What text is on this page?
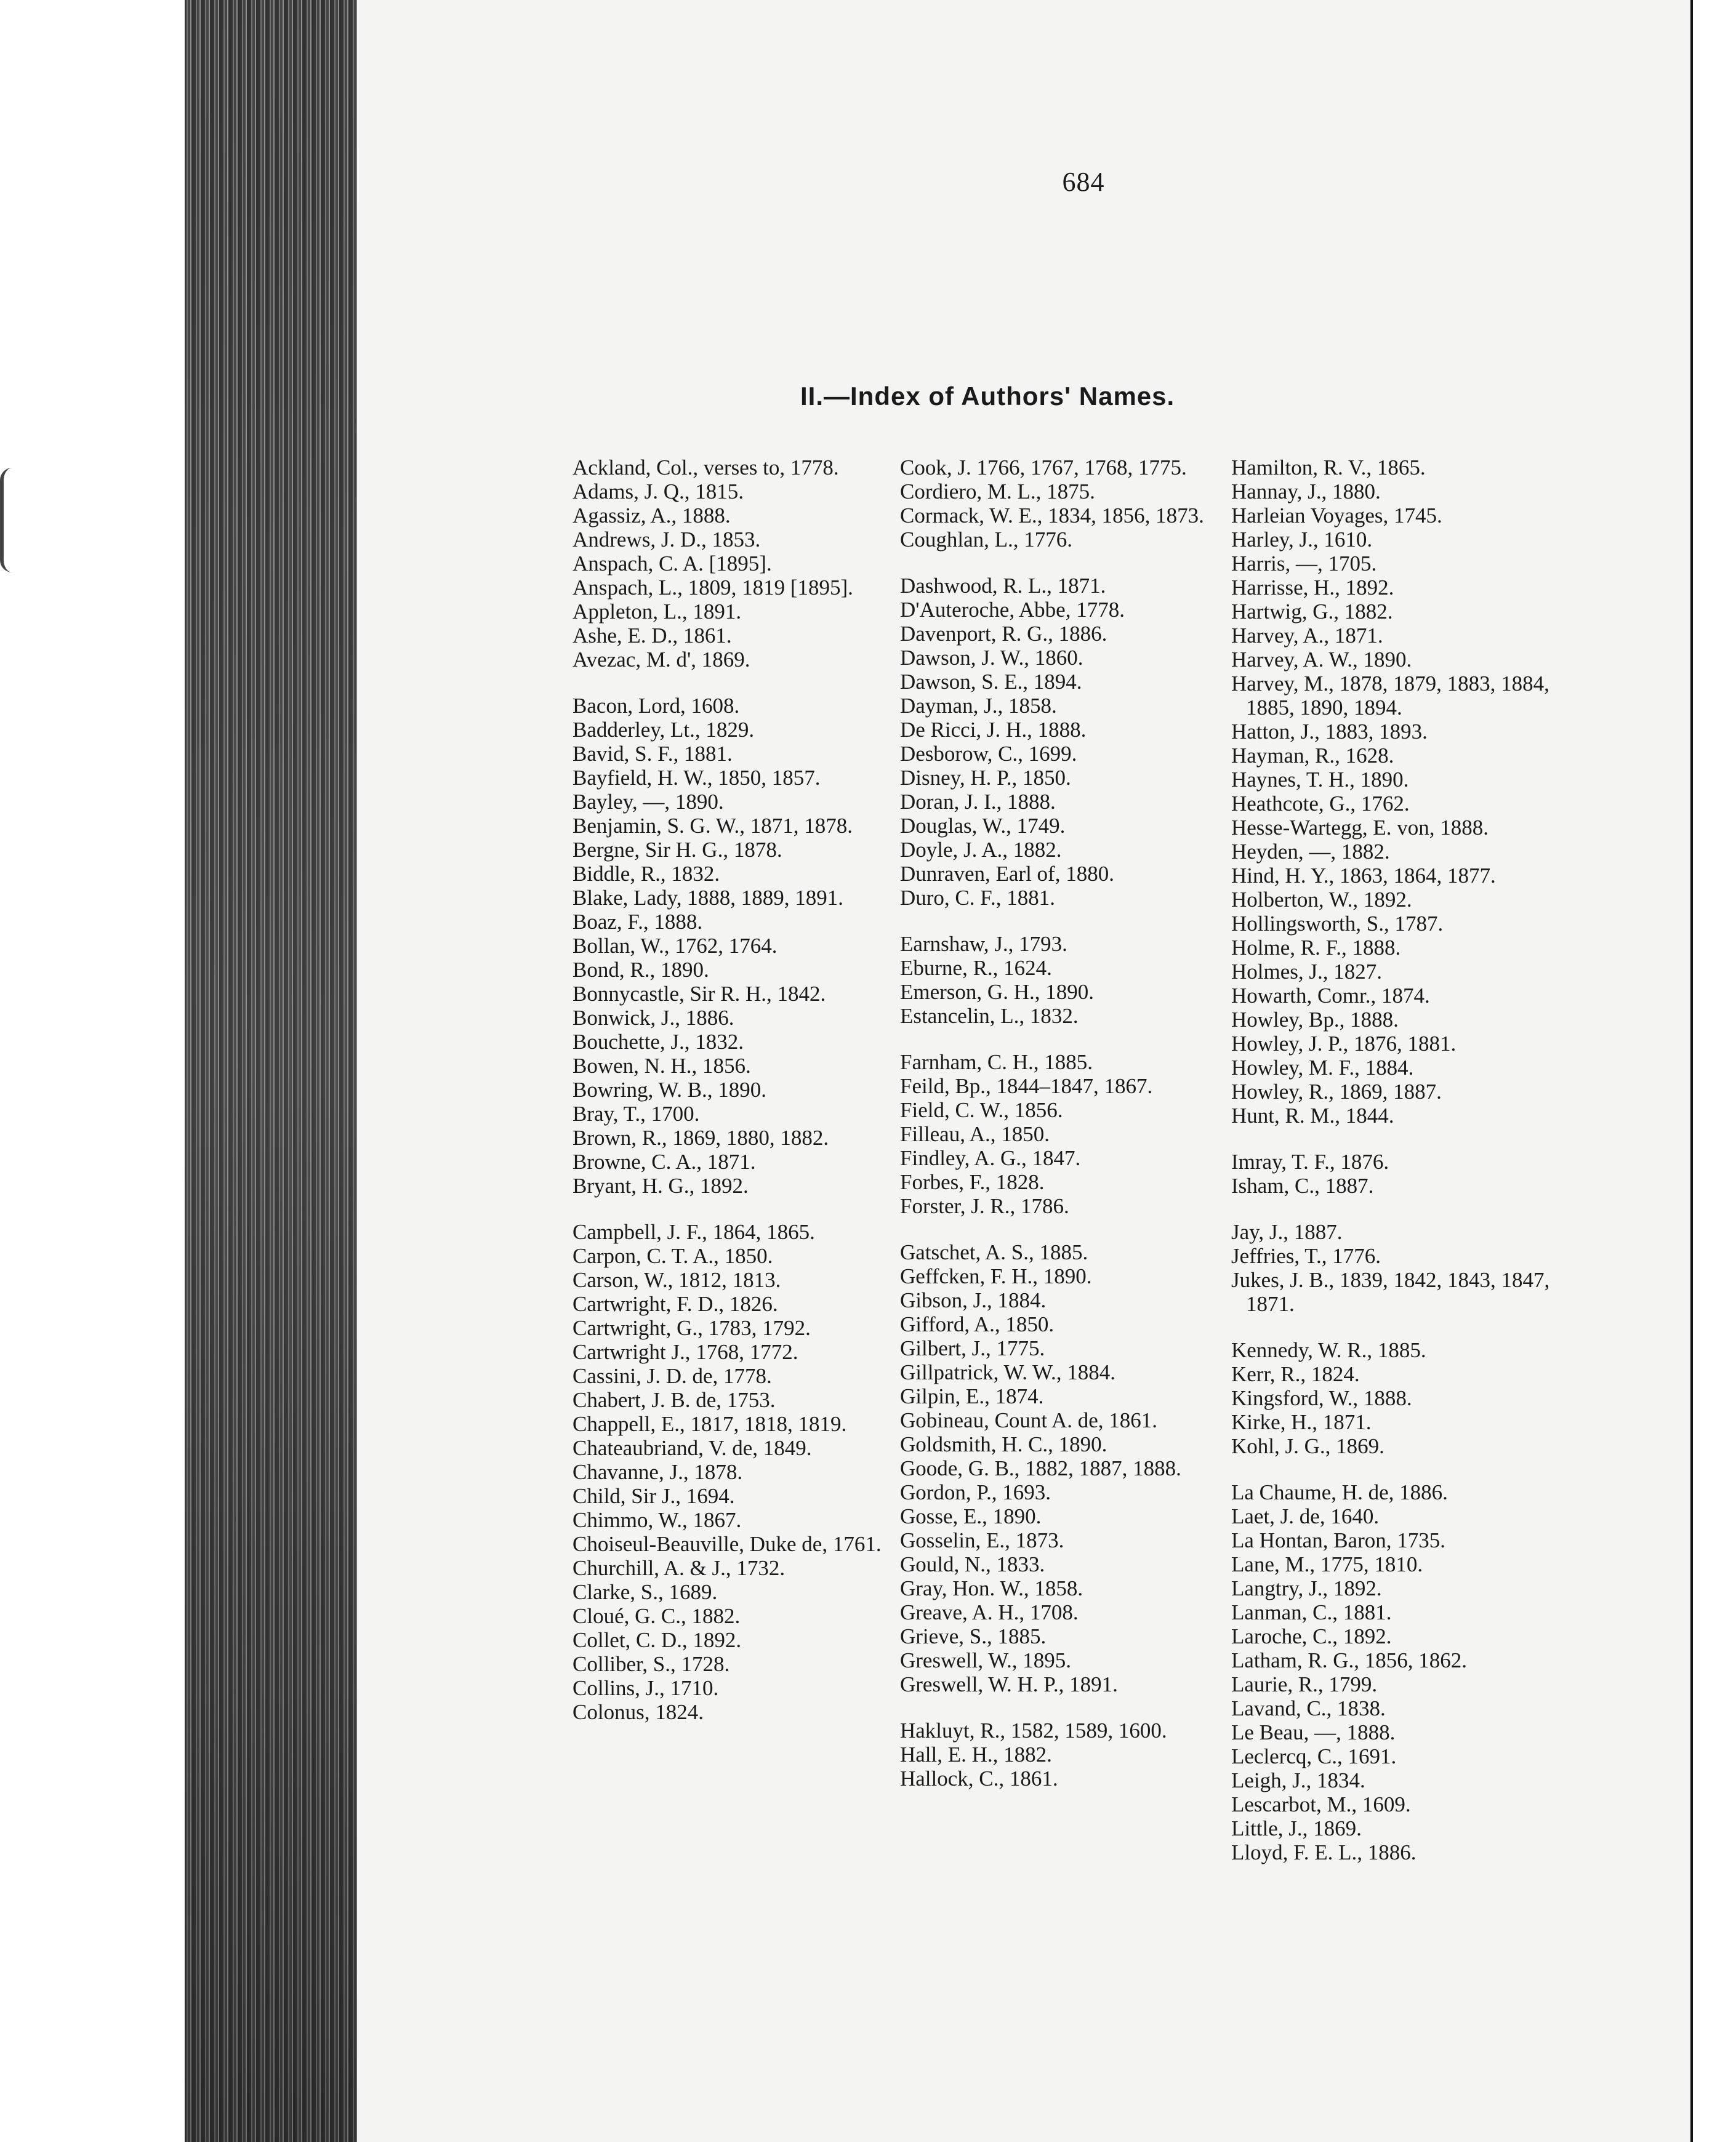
684
II.—Index of Authors' Names.
Ackland, Col., verses to, 1778.
Adams, J. Q., 1815.
Agassiz, A., 1888.
Andrews, J. D., 1853.
Anspach, C. A. [1895].
Anspach, L., 1809, 1819 [1895].
Appleton, L., 1891.
Ashe, E. D., 1861.
Avezac, M. d', 1869.
Bacon, Lord, 1608.
Badderley, Lt., 1829.
Bavid, S. F., 1881.
Bayfield, H. W., 1850, 1857.
Bayley, —, 1890.
Benjamin, S. G. W., 1871, 1878.
Bergne, Sir H. G., 1878.
Biddle, R., 1832.
Blake, Lady, 1888, 1889, 1891.
Boaz, F., 1888.
Bollan, W., 1762, 1764.
Bond, R., 1890.
Bonnycastle, Sir R. H., 1842.
Bonwick, J., 1886.
Bouchette, J., 1832.
Bowen, N. H., 1856.
Bowring, W. B., 1890.
Bray, T., 1700.
Brown, R., 1869, 1880, 1882.
Browne, C. A., 1871.
Bryant, H. G., 1892.
Campbell, J. F., 1864, 1865.
Carpon, C. T. A., 1850.
Carson, W., 1812, 1813.
Cartwright, F. D., 1826.
Cartwright, G., 1783, 1792.
Cartwright J., 1768, 1772.
Cassini, J. D. de, 1778.
Chabert, J. B. de, 1753.
Chappell, E., 1817, 1818, 1819.
Chateaubriand, V. de, 1849.
Chavanne, J., 1878.
Child, Sir J., 1694.
Chimmo, W., 1867.
Choiseul-Beauville, Duke de, 1761.
Churchill, A. & J., 1732.
Clarke, S., 1689.
Cloué, G. C., 1882.
Collet, C. D., 1892.
Colliber, S., 1728.
Collins, J., 1710.
Colonus, 1824.
Cook, J. 1766, 1767, 1768, 1775.
Cordiero, M. L., 1875.
Cormack, W. E., 1834, 1856, 1873.
Coughlan, L., 1776.
Dashwood, R. L., 1871.
D'Auteroche, Abbe, 1778.
Davenport, R. G., 1886.
Dawson, J. W., 1860.
Dawson, S. E., 1894.
Dayman, J., 1858.
De Ricci, J. H., 1888.
Desborow, C., 1699.
Disney, H. P., 1850.
Doran, J. I., 1888.
Douglas, W., 1749.
Doyle, J. A., 1882.
Dunraven, Earl of, 1880.
Duro, C. F., 1881.
Earnshaw, J., 1793.
Eburne, R., 1624.
Emerson, G. H., 1890.
Estancelin, L., 1832.
Farnham, C. H., 1885.
Feild, Bp., 1844–1847, 1867.
Field, C. W., 1856.
Filleau, A., 1850.
Findley, A. G., 1847.
Forbes, F., 1828.
Forster, J. R., 1786.
Gatschet, A. S., 1885.
Geffcken, F. H., 1890.
Gibson, J., 1884.
Gifford, A., 1850.
Gilbert, J., 1775.
Gillpatrick, W. W., 1884.
Gilpin, E., 1874.
Gobineau, Count A. de, 1861.
Goldsmith, H. C., 1890.
Goode, G. B., 1882, 1887, 1888.
Gordon, P., 1693.
Gosse, E., 1890.
Gosselin, E., 1873.
Gould, N., 1833.
Gray, Hon. W., 1858.
Greave, A. H., 1708.
Grieve, S., 1885.
Greswell, W., 1895.
Greswell, W. H. P., 1891.
Hakluyt, R., 1582, 1589, 1600.
Hall, E. H., 1882.
Hallock, C., 1861.
Hamilton, R. V., 1865.
Hannay, J., 1880.
Harleian Voyages, 1745.
Harley, J., 1610.
Harris, —, 1705.
Harrisse, H., 1892.
Hartwig, G., 1882.
Harvey, A., 1871.
Harvey, A. W., 1890.
Harvey, M., 1878, 1879, 1883, 1884, 1885, 1890, 1894.
Hatton, J., 1883, 1893.
Hayman, R., 1628.
Haynes, T. H., 1890.
Heathcote, G., 1762.
Hesse-Wartegg, E. von, 1888.
Heyden, —, 1882.
Hind, H. Y., 1863, 1864, 1877.
Holberton, W., 1892.
Hollingsworth, S., 1787.
Holme, R. F., 1888.
Holmes, J., 1827.
Howarth, Comr., 1874.
Howley, Bp., 1888.
Howley, J. P., 1876, 1881.
Howley, M. F., 1884.
Howley, R., 1869, 1887.
Hunt, R. M., 1844.
Imray, T. F., 1876.
Isham, C., 1887.
Jay, J., 1887.
Jeffries, T., 1776.
Jukes, J. B., 1839, 1842, 1843, 1847, 1871.
Kennedy, W. R., 1885.
Kerr, R., 1824.
Kingsford, W., 1888.
Kirke, H., 1871.
Kohl, J. G., 1869.
La Chaume, H. de, 1886.
Laet, J. de, 1640.
La Hontan, Baron, 1735.
Lane, M., 1775, 1810.
Langtry, J., 1892.
Lanman, C., 1881.
Laroche, C., 1892.
Latham, R. G., 1856, 1862.
Laurie, R., 1799.
Lavand, C., 1838.
Le Beau, —, 1888.
Leclercq, C., 1691.
Leigh, J., 1834.
Lescarbot, M., 1609.
Little, J., 1869.
Lloyd, F. E. L., 1886.
